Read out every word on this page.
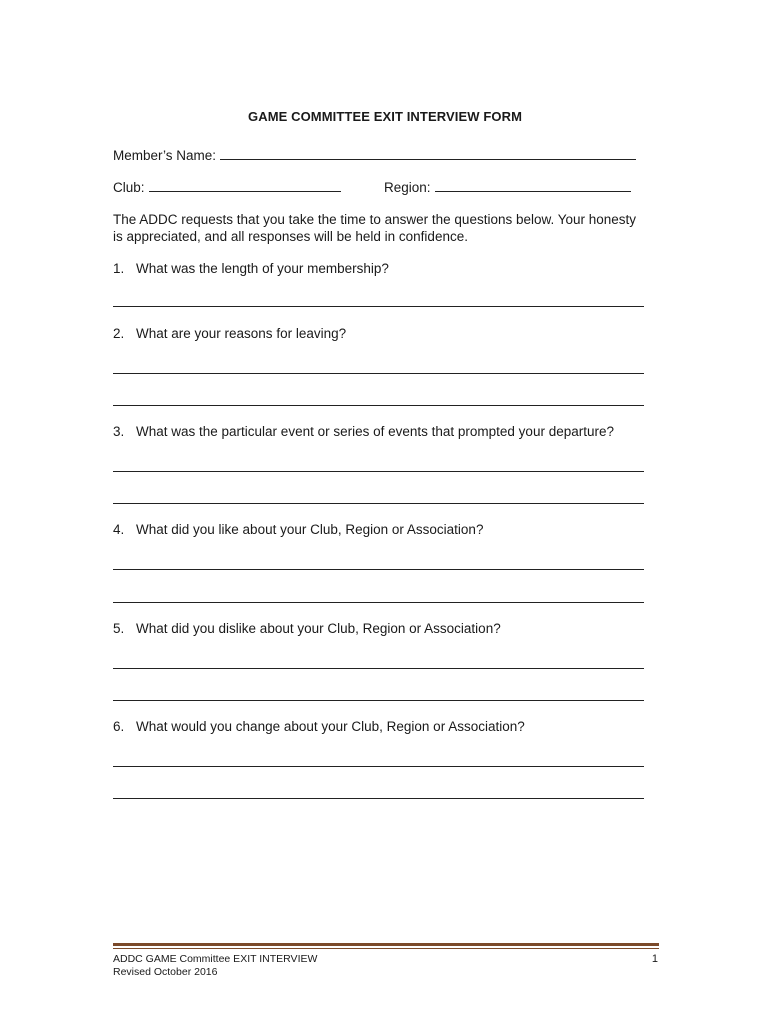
GAME COMMITTEE EXIT INTERVIEW FORM
Member’s Name:
Club:	Region:
The ADDC requests that you take the time to answer the questions below. Your honesty
is appreciated, and all responses will be held in confidence.
1. What was the length of your membership?
2. What are your reasons for leaving?
3. What was the particular event or series of events that prompted your departure?
4. What did you like about your Club, Region or Association?
5. What did you dislike about your Club, Region or Association?
6. What would you change about your Club, Region or Association?
ADDC GAME Committee EXIT INTERVIEW
Revised October 2016
1
